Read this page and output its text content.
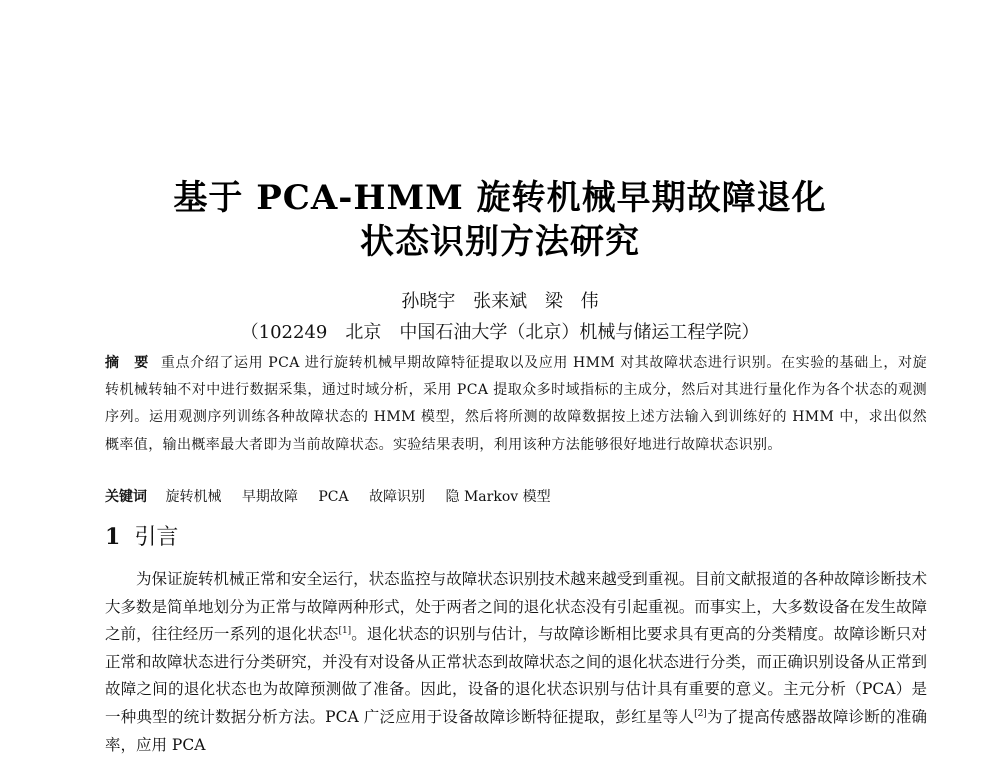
基于 PCA-HMM 旋转机械早期故障退化
状态识别方法研究
孙晓宇 张来斌 梁 伟
（102249　北京　中国石油大学（北京）机械与储运工程学院）
摘　要 重点介绍了运用 PCA 进行旋转机械早期故障特征提取以及应用 HMM 对其故障状态进行识别。在实验的基础上，对旋转机械转轴不对中进行数据采集，通过时域分析，采用 PCA 提取众多时域指标的主成分，然后对其进行量化作为各个状态的观测序列。运用观测序列训练各种故障状态的 HMM 模型，然后将所测的故障数据按上述方法输入到训练好的 HMM 中，求出似然概率值，输出概率最大者即为当前故障状态。实验结果表明，利用该种方法能够很好地进行故障状态识别。
关键词 旋转机械 早期故障 PCA 故障识别 隐 Markov 模型
1 引言
为保证旋转机械正常和安全运行，状态监控与故障状态识别技术越来越受到重视。目前文献报道的各种故障诊断技术大多数是简单地划分为正常与故障两种形式，处于两者之间的退化状态没有引起重视。而事实上，大多数设备在发生故障之前，往往经历一系列的退化状态[1]。退化状态的识别与估计，与故障诊断相比要求具有更高的分类精度。故障诊断只对正常和故障状态进行分类研究，并没有对设备从正常状态到故障状态之间的退化状态进行分类，而正确识别设备从正常到故障之间的退化状态也为故障预测做了准备。因此，设备的退化状态识别与估计具有重要的意义。主元分析（PCA）是一种典型的统计数据分析方法。PCA 广泛应用于设备故障诊断特征提取，彭红星等人[2]为了提高传感器故障诊断的准确率，应用 PCA
